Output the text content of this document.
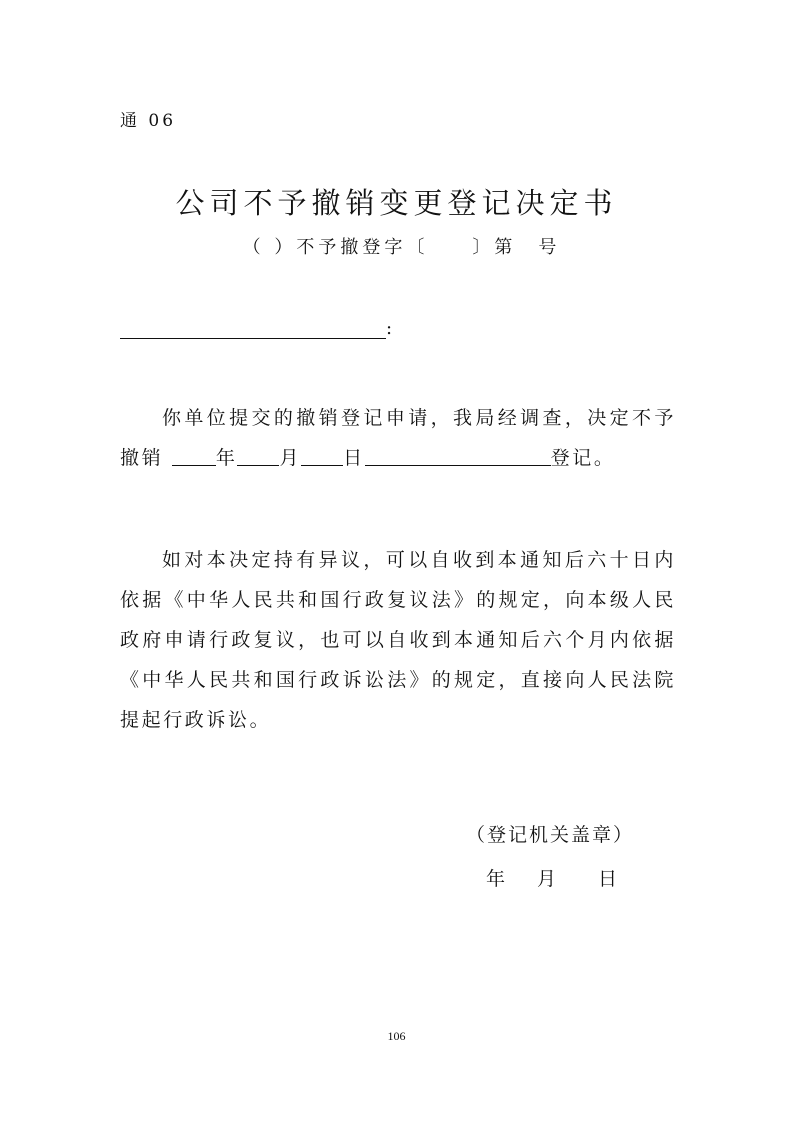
通 06
公司不予撤销变更登记决定书
（ ）不予撤登字〔　　〕第　号
:
你单位提交的撤销登记申请，我局经调查，决定不予撤销	年 月 日	登记。
如对本决定持有异议，可以自收到本通知后六十日内依据《中华人民共和国行政复议法》的规定，向本级人民政府申请行政复议，也可以自收到本通知后六个月内依据《中华人民共和国行政诉讼法》的规定，直接向人民法院提起行政诉讼。
（登记机关盖章）
年 月 日
106
